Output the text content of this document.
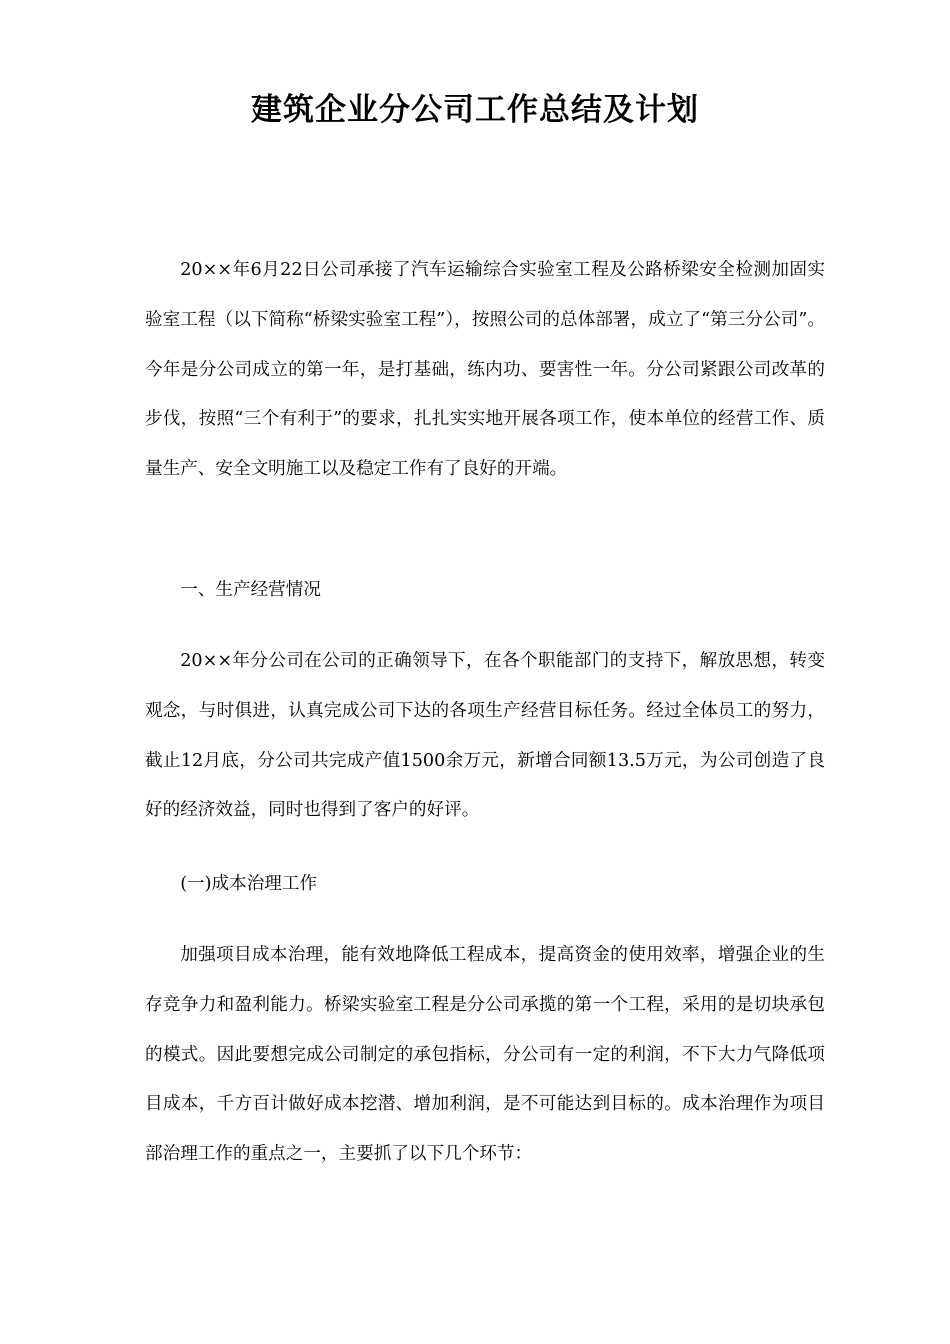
建筑企业分公司工作总结及计划

20××年6月22日公司承接了汽车运输综合实验室工程及公路桥梁安全检测加固实验室工程（以下简称“桥梁实验室工程”），按照公司的总体部署，成立了“第三分公司”。今年是分公司成立的第一年，是打基础，练内功、要害性一年。分公司紧跟公司改革的步伐，按照“三个有利于”的要求，扎扎实实地开展各项工作，使本单位的经营工作、质量生产、安全文明施工以及稳定工作有了良好的开端。

一、生产经营情况

20××年分公司在公司的正确领导下，在各个职能部门的支持下，解放思想，转变观念，与时俱进，认真完成公司下达的各项生产经营目标任务。经过全体员工的努力，截止12月底，分公司共完成产值1500余万元，新增合同额13.5万元，为公司创造了良好的经济效益，同时也得到了客户的好评。

(一)成本治理工作

加强项目成本治理，能有效地降低工程成本，提高资金的使用效率，增强企业的生存竞争力和盈利能力。桥梁实验室工程是分公司承揽的第一个工程，采用的是切块承包的模式。因此要想完成公司制定的承包指标，分公司有一定的利润，不下大力气降低项目成本，千方百计做好成本挖潜、增加利润，是不可能达到目标的。成本治理作为项目部治理工作的重点之一，主要抓了以下几个环节：
